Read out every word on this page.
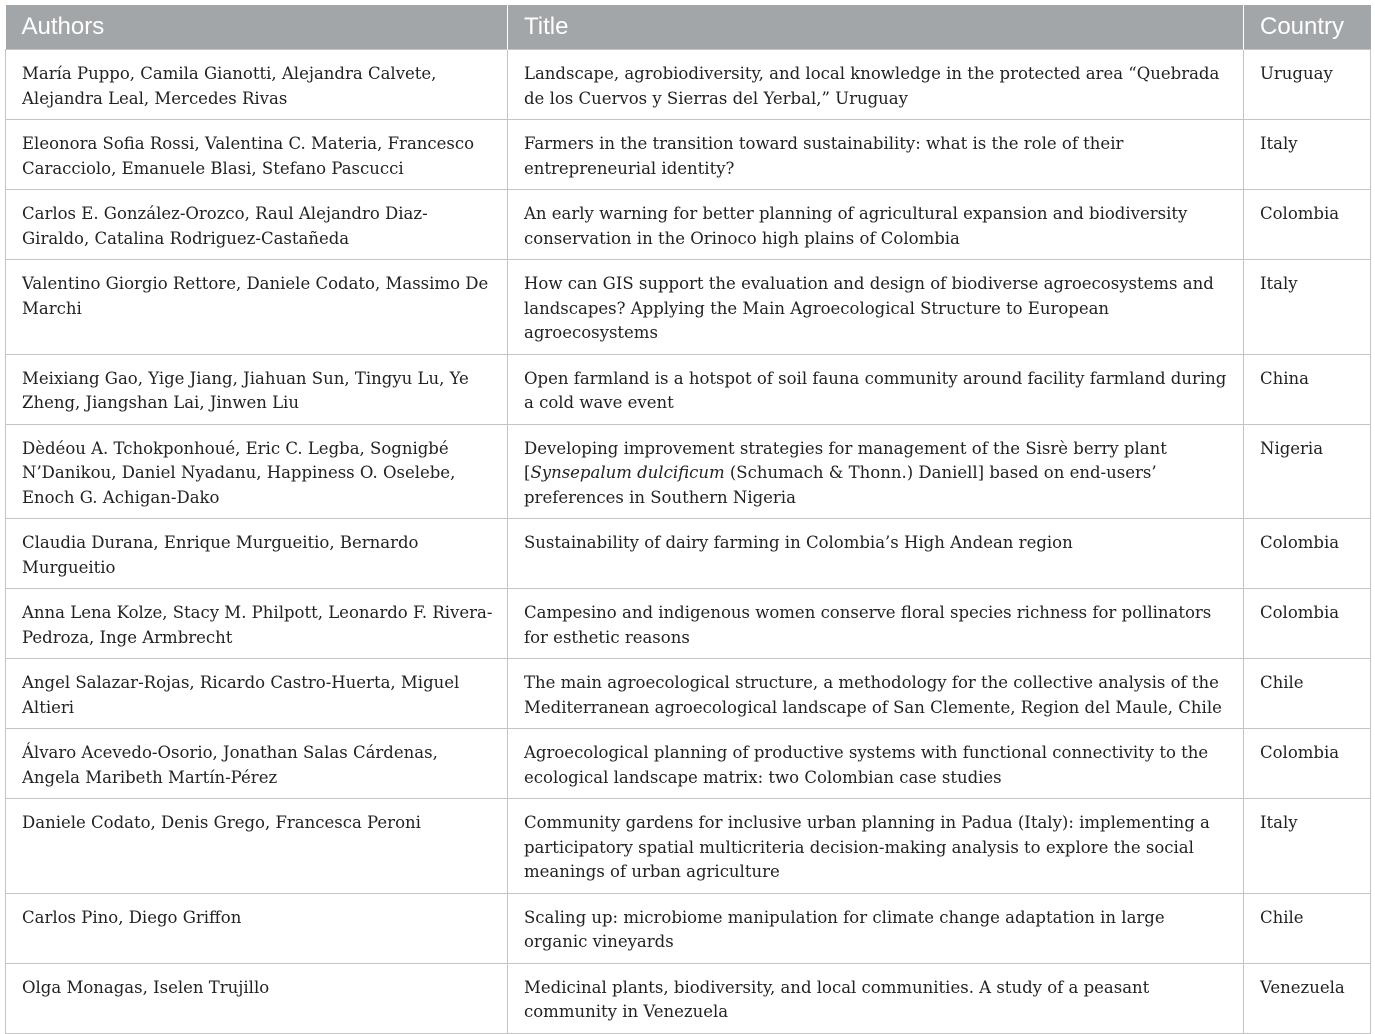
Authors	Title	Country
María Puppo, Camila Gianotti, Alejandra Calvete, Alejandra Leal, Mercedes Rivas	Landscape, agrobiodiversity, and local knowledge in the protected area “Quebrada de los Cuervos y Sierras del Yerbal,” Uruguay	Uruguay
Eleonora Sofia Rossi, Valentina C. Materia, Francesco Caracciolo, Emanuele Blasi, Stefano Pascucci	Farmers in the transition toward sustainability: what is the role of their entrepreneurial identity?	Italy
Carlos E. González-Orozco, Raul Alejandro Diaz-Giraldo, Catalina Rodriguez-Castañeda	An early warning for better planning of agricultural expansion and biodiversity conservation in the Orinoco high plains of Colombia	Colombia
Valentino Giorgio Rettore, Daniele Codato, Massimo De Marchi	How can GIS support the evaluation and design of biodiverse agroecosystems and landscapes? Applying the Main Agroecological Structure to European agroecosystems	Italy
Meixiang Gao, Yige Jiang, Jiahuan Sun, Tingyu Lu, Ye Zheng, Jiangshan Lai, Jinwen Liu	Open farmland is a hotspot of soil fauna community around facility farmland during a cold wave event	China
Dèdéou A. Tchokponhoué, Eric C. Legba, Sognigbé N’Danikou, Daniel Nyadanu, Happiness O. Oselebe, Enoch G. Achigan-Dako	Developing improvement strategies for management of the Sisrè berry plant [Synsepalum dulcificum (Schumach & Thonn.) Daniell] based on end-users’ preferences in Southern Nigeria	Nigeria
Claudia Durana, Enrique Murgueitio, Bernardo Murgueitio	Sustainability of dairy farming in Colombia’s High Andean region	Colombia
Anna Lena Kolze, Stacy M. Philpott, Leonardo F. Rivera-Pedroza, Inge Armbrecht	Campesino and indigenous women conserve floral species richness for pollinators for esthetic reasons	Colombia
Angel Salazar-Rojas, Ricardo Castro-Huerta, Miguel Altieri	The main agroecological structure, a methodology for the collective analysis of the Mediterranean agroecological landscape of San Clemente, Region del Maule, Chile	Chile
Álvaro Acevedo-Osorio, Jonathan Salas Cárdenas, Angela Maribeth Martín-Pérez	Agroecological planning of productive systems with functional connectivity to the ecological landscape matrix: two Colombian case studies	Colombia
Daniele Codato, Denis Grego, Francesca Peroni	Community gardens for inclusive urban planning in Padua (Italy): implementing a participatory spatial multicriteria decision-making analysis to explore the social meanings of urban agriculture	Italy
Carlos Pino, Diego Griffon	Scaling up: microbiome manipulation for climate change adaptation in large organic vineyards	Chile
Olga Monagas, Iselen Trujillo	Medicinal plants, biodiversity, and local communities. A study of a peasant community in Venezuela	Venezuela
